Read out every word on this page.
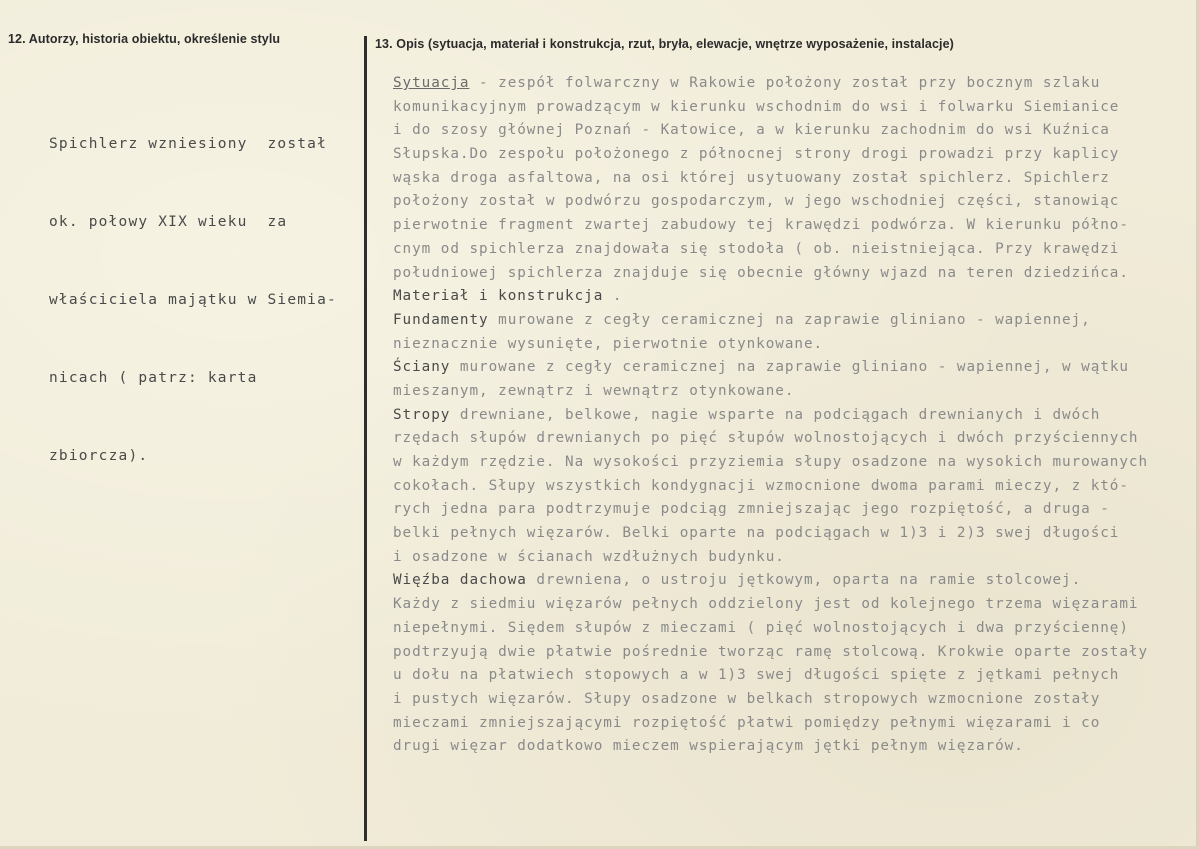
12. Autorzy, historia obiektu, określenie stylu	13. Opis (sytuacja, materiał i konstrukcja, rzut, bryła, elewacje, wnętrze wyposażenie, instalacje)

Spichlerz wzniesiony  został

ok. połowy XIX wieku  za

właściciela majątku w Siemia-

nicach ( patrz: karta

zbiorcza).

Sytuacja - zespół folwarczny w Rakowie położony został przy bocznym szlaku
komunikacyjnym prowadzącym w kierunku wschodnim do wsi i folwarku Siemianice
i do szosy głównej Poznań - Katowice, a w kierunku zachodnim do wsi Kuźnica
Słupska.Do zespołu położonego z północnej strony drogi prowadzi przy kaplicy
wąska droga asfaltowa, na osi której usytuowany został spichlerz. Spichlerz
położony został w podwórzu gospodarczym, w jego wschodniej części, stanowiąc
pierwotnie fragment zwartej zabudowy tej krawędzi podwórza. W kierunku półno-
cnym od spichlerza znajdowała się stodoła ( ob. nieistniejąca. Przy krawędzi
południowej spichlerza znajduje się obecnie główny wjazd na teren dziedzińca.
Materiał i konstrukcja .
Fundamenty murowane z cegły ceramicznej na zaprawie gliniano - wapiennej,
nieznacznie wysunięte, pierwotnie otynkowane.
Ściany murowane z cegły ceramicznej na zaprawie gliniano - wapiennej, w wątku
mieszanym, zewnątrz i wewnątrz otynkowane.
Stropy drewniane, belkowe, nagie wsparte na podciągach drewnianych i dwóch
rzędach słupów drewnianych po pięć słupów wolnostojących i dwóch przyściennych
w każdym rzędzie. Na wysokości przyziemia słupy osadzone na wysokich murowanych
cokołach. Słupy wszystkich kondygnacji wzmocnione dwoma parami mieczy, z któ-
rych jedna para podtrzymuje podciąg zmniejszając jego rozpiętość, a druga -
belki pełnych więzarów. Belki oparte na podciągach w 1)3 i 2)3 swej długości
i osadzone w ścianach wzdłużnych budynku.
Więźba dachowa drewniena, o ustroju jętkowym, oparta na ramie stolcowej.
Każdy z siedmiu więzarów pełnych oddzielony jest od kolejnego trzema więzarami
niepełnymi. Siędem słupów z mieczami ( pięć wolnostojących i dwa przyściennę)
podtrzyują dwie płatwie pośrednie tworząc ramę stolcową. Krokwie oparte zostały
u dołu na płatwiech stopowych a w 1)3 swej długości spięte z jętkami pełnych
i pustych więzarów. Słupy osadzone w belkach stropowych wzmocnione zostały
mieczami zmniejszającymi rozpiętość płatwi pomiędzy pełnymi więzarami i co
drugi więzar dodatkowo mieczem wspierającym jętki pełnym więzarów.
